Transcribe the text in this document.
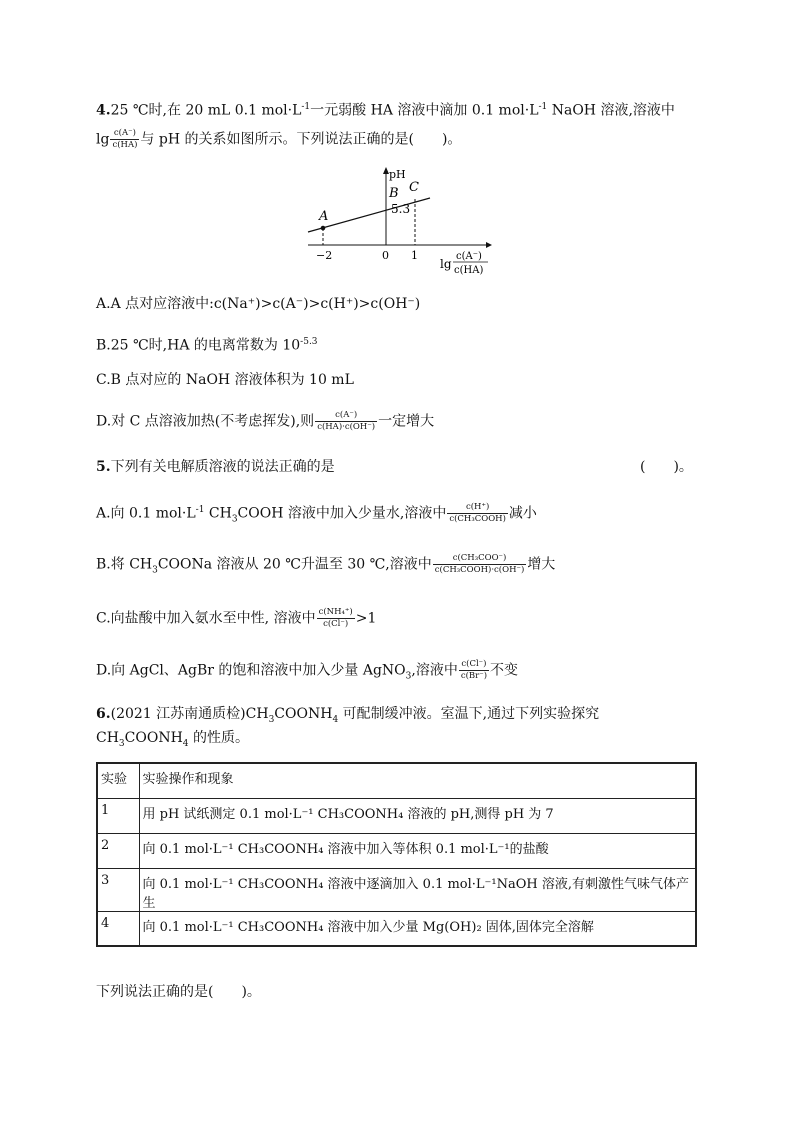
4.25 ℃时,在 20 mL 0.1 $mol\cdot L^{-1}$一元弱酸 HA 溶液中滴加 0.1 $mol\cdot L^{-1}$ NaOH 溶液,溶液中
$\lg \frac{c(A^-)}{c(HA)}$ 与 pH 的关系如图所示。下列说法正确的是(　　)。
A
B C
5.3
pH
−2	0 1
lg
c(A⁻)
c(HA)
A.A 点对应溶液中:c(Na⁺)>c(A⁻)>c(H⁺)>c(OH⁻)
B.25 ℃时,HA 的电离常数为 $10^{-5.3}$
C.B 点对应的 NaOH 溶液体积为 10 mL
D.对 C 点溶液加热(不考虑挥发),则 $\frac{c(A^-)}{c(HA)\cdot c(OH^-)}$ 一定增大
5.下列有关电解质溶液的说法正确的是	(　　)。
A.向 0.1 $mol\cdot L^{-1}$ $CH_3COOH$ 溶液中加入少量水,溶液中 $\frac{c(H^+)}{\text{c(CH₃COOH)}}$ 减小
B.将 $CH_3COONa$ 溶液从 20 ℃升温至 30 ℃,溶液中 $\frac{\text{c(CH₃COO⁻)}}{\text{c(CH₃COOH)·c(OH⁻)}}$ 增大
C.向盐酸中加入氨水至中性, 溶液中 $\frac{\text{c(NH₄⁺)}}{c(Cl^-)} >1$
D.向 AgCl、AgBr 的饱和溶液中加入少量 AgNO$_3$,溶液中 $\frac{c(Cl^-)}{c(Br^-)}$ 不变
6.(2021 江苏南通质检)$CH_3COONH_4$ 可配制缓冲液。室温下,通过下列实验探究
$CH_3COONH_4$ 的性质。
实验	实验操作和现象
1	用 pH 试纸测定 0.1 mol·L⁻¹ CH₃COONH₄ 溶液的 pH,测得 pH 为 7
2	向 0.1 mol·L⁻¹ CH₃COONH₄ 溶液中加入等体积 0.1 mol·L⁻¹的盐酸
3	向 0.1 mol·L⁻¹ CH₃COONH₄ 溶液中逐滴加入 0.1 mol·L⁻¹NaOH 溶液,有刺激性气味气体产生
4	向 0.1 mol·L⁻¹ CH₃COONH₄ 溶液中加入少量 Mg(OH)₂ 固体,固体完全溶解
下列说法正确的是(　　)。
